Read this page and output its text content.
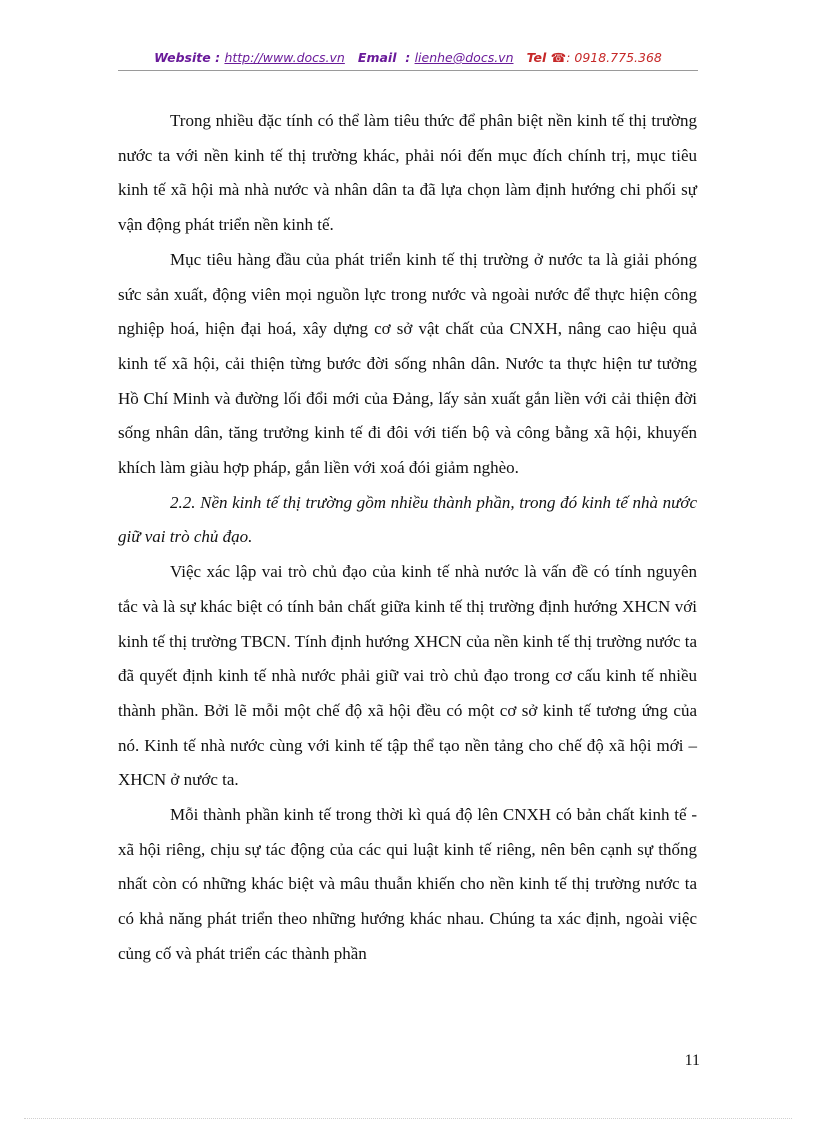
Website : http://www.docs.vn Email : lienhe@docs.vn Tel ☎: 0918.775.368

Trong nhiều đặc tính có thể làm tiêu thức để phân biệt nền kinh tế thị trường nước ta với nền kinh tế thị trường khác, phải nói đến mục đích chính trị, mục tiêu kinh tế xã hội mà nhà nước và nhân dân ta đã lựa chọn làm định hướng chi phối sự vận động phát triển nền kinh tế.

Mục tiêu hàng đầu của phát triển kinh tế thị trường ở nước ta là giải phóng sức sản xuất, động viên mọi nguồn lực trong nước và ngoài nước để thực hiện công nghiệp hoá, hiện đại hoá, xây dựng cơ sở vật chất của CNXH, nâng cao hiệu quả kinh tế xã hội, cải thiện từng bước đời sống nhân dân. Nước ta thực hiện tư tưởng Hồ Chí Minh và đường lối đổi mới của Đảng, lấy sản xuất gắn liền với cải thiện đời sống nhân dân, tăng trưởng kinh tế đi đôi với tiến bộ và công bằng xã hội, khuyến khích làm giàu hợp pháp, gắn liền với xoá đói giảm nghèo.

2.2. Nền kinh tế thị trường gồm nhiều thành phần, trong đó kinh tế nhà nước giữ vai trò chủ đạo.

Việc xác lập vai trò chủ đạo của kinh tế nhà nước là vấn đề có tính nguyên tắc và là sự khác biệt có tính bản chất giữa kinh tế thị trường định hướng XHCN với kinh tế thị trường TBCN. Tính định hướng XHCN của nền kinh tế thị trường nước ta đã quyết định kinh tế nhà nước phải giữ vai trò chủ đạo trong cơ cấu kinh tế nhiều thành phần. Bởi lẽ mỗi một chế độ xã hội đều có một cơ sở kinh tế tương ứng của nó. Kinh tế nhà nước cùng với kinh tế tập thể tạo nền tảng cho chế độ xã hội mới – XHCN ở nước ta.

Mỗi thành phần kinh tế trong thời kì quá độ lên CNXH có bản chất kinh tế - xã hội riêng, chịu sự tác động của các qui luật kinh tế riêng, nên bên cạnh sự thống nhất còn có những khác biệt và mâu thuẫn khiến cho nền kinh tế thị trường nước ta có khả năng phát triển theo những hướng khác nhau. Chúng ta xác định, ngoài việc củng cố và phát triển các thành phần

11
